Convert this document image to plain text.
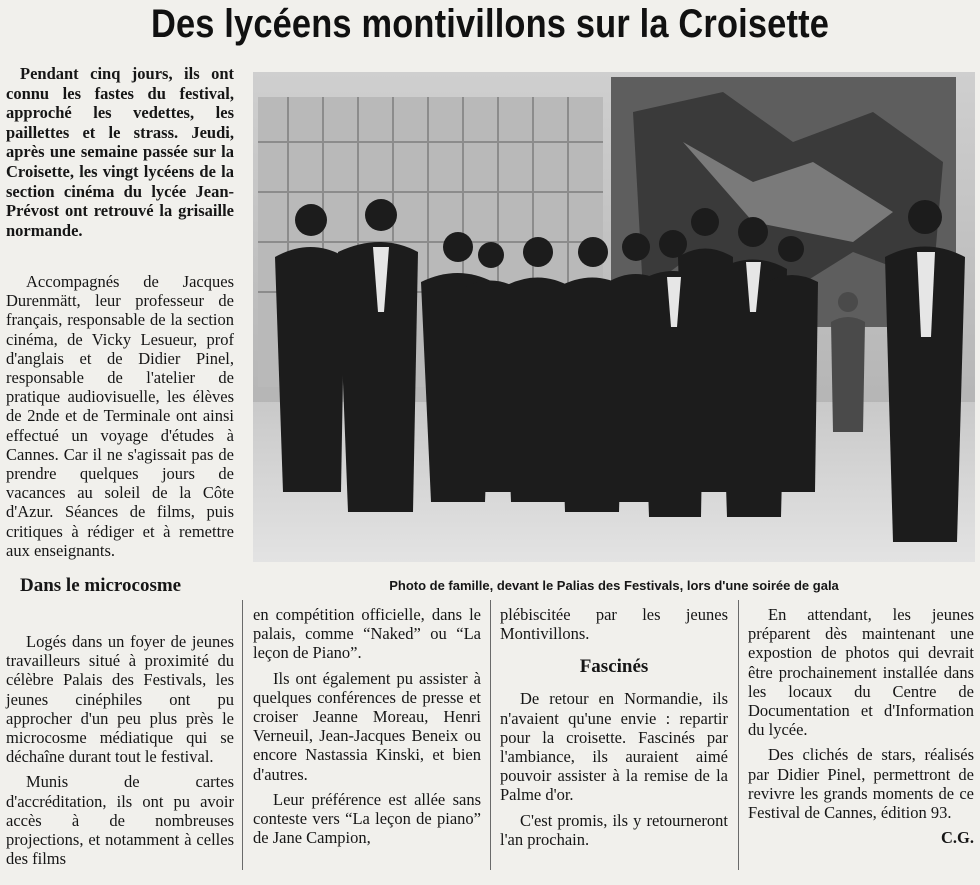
Des lycéens montivillons sur la Croisette

Pendant cinq jours, ils ont connu les fastes du festival, approché les vedettes, les paillettes et le strass. Jeudi, après une semaine passée sur la Croisette, les vingt lycéens de la section cinéma du lycée Jean-Prévost ont retrouvé la grisaille normande.

Accompagnés de Jacques Durenmätt, leur professeur de français, responsable de la section cinéma, de Vicky Lesueur, prof d'anglais et de Didier Pinel, responsable de l'atelier de pratique audiovisuelle, les élèves de 2nde et de Terminale ont ainsi effectué un voyage d'études à Cannes. Car il ne s'agissait pas de prendre quelques jours de vacances au soleil de la Côte d'Azur. Séances de films, puis critiques à rédiger et à remettre aux enseignants.

Dans le microcosme

Logés dans un foyer de jeunes travailleurs situé à proximité du célèbre Palais des Festivals, les jeunes cinéphiles ont pu approcher d'un peu plus près le microcosme médiatique qui se déchaîne durant tout le festival.

Munis de cartes d'accréditation, ils ont pu avoir accès à de nombreuses projections, et notamment à celles des films

en compétition officielle, dans le palais, comme “Naked” ou “La leçon de Piano”.

Ils ont également pu assister à quelques conférences de presse et croiser Jeanne Moreau, Henri Verneuil, Jean-Jacques Beneix ou encore Nastassia Kinski, et bien d'autres.

Leur préférence est allée sans conteste vers “La leçon de piano” de Jane Campion,

plébiscitée par les jeunes Montivillons.

Fascinés

De retour en Normandie, ils n'avaient qu'une envie : repartir pour la croisette. Fascinés par l'ambiance, ils auraient aimé pouvoir assister à la remise de la Palme d'or.

C'est promis, ils y retourneront l'an prochain.

En attendant, les jeunes préparent dès maintenant une expostion de photos qui devrait être prochainement installée dans les locaux du Centre de Documentation et d'Information du lycée.

Des clichés de stars, réalisés par Didier Pinel, permettront de revivre les grands moments de ce Festival de Cannes, édition 93.

C.G.
Photo de famille, devant le Palias des Festivals, lors d'une soirée de gala
